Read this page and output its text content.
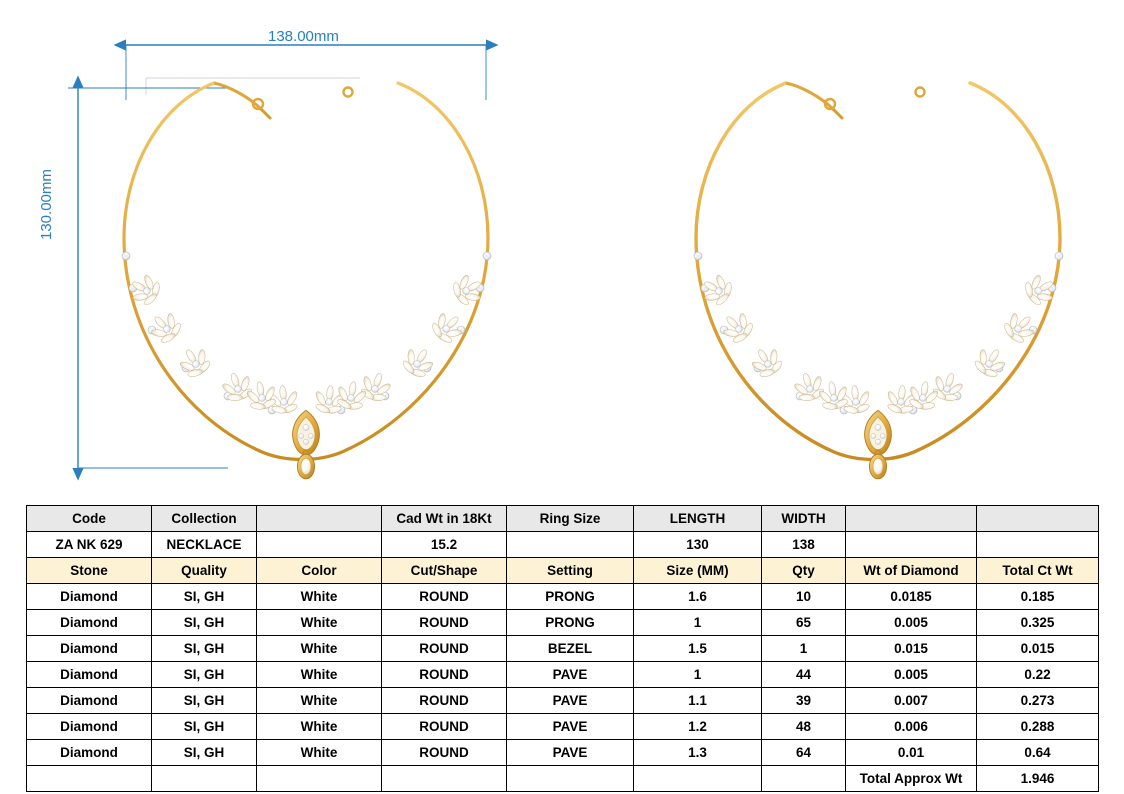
138.00mm
130.00mm
Code	Collection		Cad Wt in 18Kt	Ring Size	LENGTH	WIDTH		
ZA NK 629	NECKLACE		15.2		130	138		
Stone	Quality	Color	Cut/Shape	Setting	Size (MM)	Qty	Wt of Diamond	Total Ct Wt
Diamond	SI, GH	White	ROUND	PRONG	1.6	10	0.0185	0.185
Diamond	SI, GH	White	ROUND	PRONG	1	65	0.005	0.325
Diamond	SI, GH	White	ROUND	BEZEL	1.5	1	0.015	0.015
Diamond	SI, GH	White	ROUND	PAVE	1	44	0.005	0.22
Diamond	SI, GH	White	ROUND	PAVE	1.1	39	0.007	0.273
Diamond	SI, GH	White	ROUND	PAVE	1.2	48	0.006	0.288
Diamond	SI, GH	White	ROUND	PAVE	1.3	64	0.01	0.64
							Total Approx Wt	1.946
